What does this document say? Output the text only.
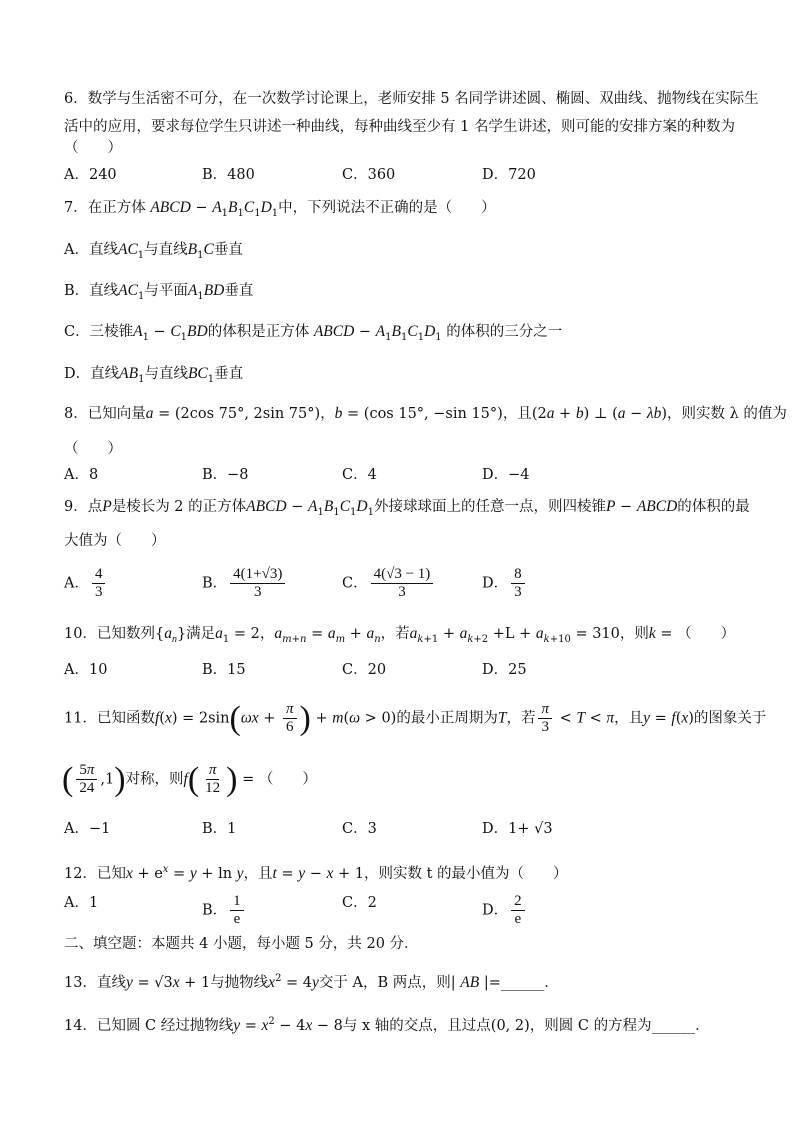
6．数学与生活密不可分，在一次数学讨论课上，老师安排 5 名同学讲述圆、椭圆、双曲线、抛物线在实际生
活中的应用，要求每位学生只讲述一种曲线，每种曲线至少有 1 名学生讲述，则可能的安排方案的种数为
（　　）
A．240	B．480	C．360	D．720
7．在正方体 ABCD − $A_1B_1C_1D_1$中，下列说法不正确的是（　　）
A．直线$AC_1$与直线$B_1C$垂直
B．直线$AC_1$与平面$A_1BD$垂直
C．三棱锥$A_1 - C_1BD$的体积是正方体 ABCD − $A_1B_1C_1D_1$ 的体积的三分之一
D．直线$AB_1$与直线$BC_1$垂直
8．已知向量a = (2cos 75°, 2sin 75°)，b = (cos 15°, −sin 15°)，且(2a + b) ⊥ (a − λb)，则实数 λ 的值为
（　　）
A．8	B．−8	C．4	D．−4
9．点P是棱长为 2 的正方体ABCD − $A_1B_1C_1D_1$外接球球面上的任意一点，则四棱锥P − ABCD的体积的最
大值为（　　）
A． $\frac{4}{3}$	B． $\frac{4(1+√3)}{3}$	C． $\frac{4(√3 - 1)}{3}$	D． $\frac{8}{3}$
10．已知数列$\{a_n\}$满足$a_1 = 2$，$a_{m+n} = a_m + a_n$，若$a_{k+1} + a_{k+2} +L + a_{k+10} = 310$，则k = （　　）
A．10	B．15	C．20	D．25
11．已知函数$f(x) = 2\sin(\omega x + \frac{\pi}{6}$ ) + m(ω > 0)的最小正周期为T，若 $\frac{\pi}{3} < T < \pi$，且y = f(x)的图象关于
( $\frac{5\pi}{24} ,1$)对称，则$f( \frac{\pi}{12}$ ) = （　　）
A．−1	B．1	C．3	D．1+ √3
12．已知$x + e^x = y + \ln y$，且t = y − x + 1，则实数 t 的最小值为（　　）
A．1	B． $\frac{1}{e}$	C．2	D． $\frac{2}{e}$
二、填空题：本题共 4 小题，每小题 5 分，共 20 分．
13．直线y = √3x + 1与抛物线$x^2 = 4y$交于 A，B 两点，则| AB |=______．
14．已知圆 C 经过抛物线$y = x^2 - 4x - 8$与 x 轴的交点，且过点(0, 2)，则圆 C 的方程为______．
